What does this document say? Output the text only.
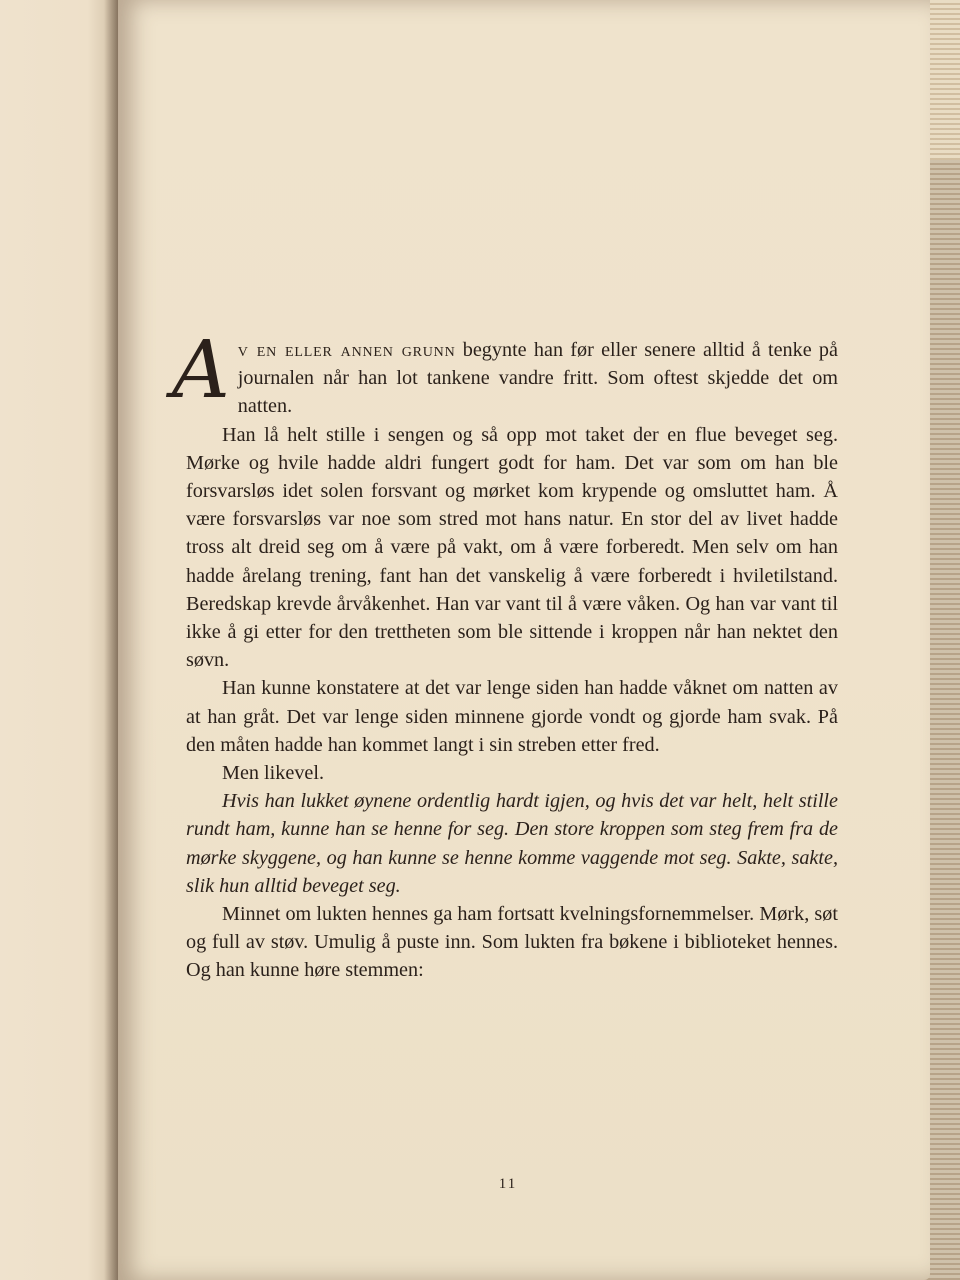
Av en eller annen grunn begynte han før eller senere alltid å tenke på journalen når han lot tankene vandre fritt. Som oftest skjedde det om natten.

Han lå helt stille i sengen og så opp mot taket der en flue beveget seg. Mørke og hvile hadde aldri fungert godt for ham. Det var som om han ble forsvarsløs idet solen forsvant og mørket kom krypende og omsluttet ham. Å være forsvarsløs var noe som stred mot hans natur. En stor del av livet hadde tross alt dreid seg om å være på vakt, om å være forberedt. Men selv om han hadde årelang trening, fant han det vanskelig å være forberedt i hviletilstand. Beredskap krevde årvåkenhet. Han var vant til å være våken. Og han var vant til ikke å gi etter for den trettheten som ble sittende i kroppen når han nektet den søvn.

Han kunne konstatere at det var lenge siden han hadde våknet om natten av at han gråt. Det var lenge siden minnene gjorde vondt og gjorde ham svak. På den måten hadde han kommet langt i sin streben etter fred.

Men likevel.

Hvis han lukket øynene ordentlig hardt igjen, og hvis det var helt, helt stille rundt ham, kunne han se henne for seg. Den store kroppen som steg frem fra de mørke skyggene, og han kunne se henne komme vaggende mot seg. Sakte, sakte, slik hun alltid beveget seg.

Minnet om lukten hennes ga ham fortsatt kvelningsfornemmelser. Mørk, søt og full av støv. Umulig å puste inn. Som lukten fra bøkene i biblioteket hennes. Og han kunne høre stemmen:

11
